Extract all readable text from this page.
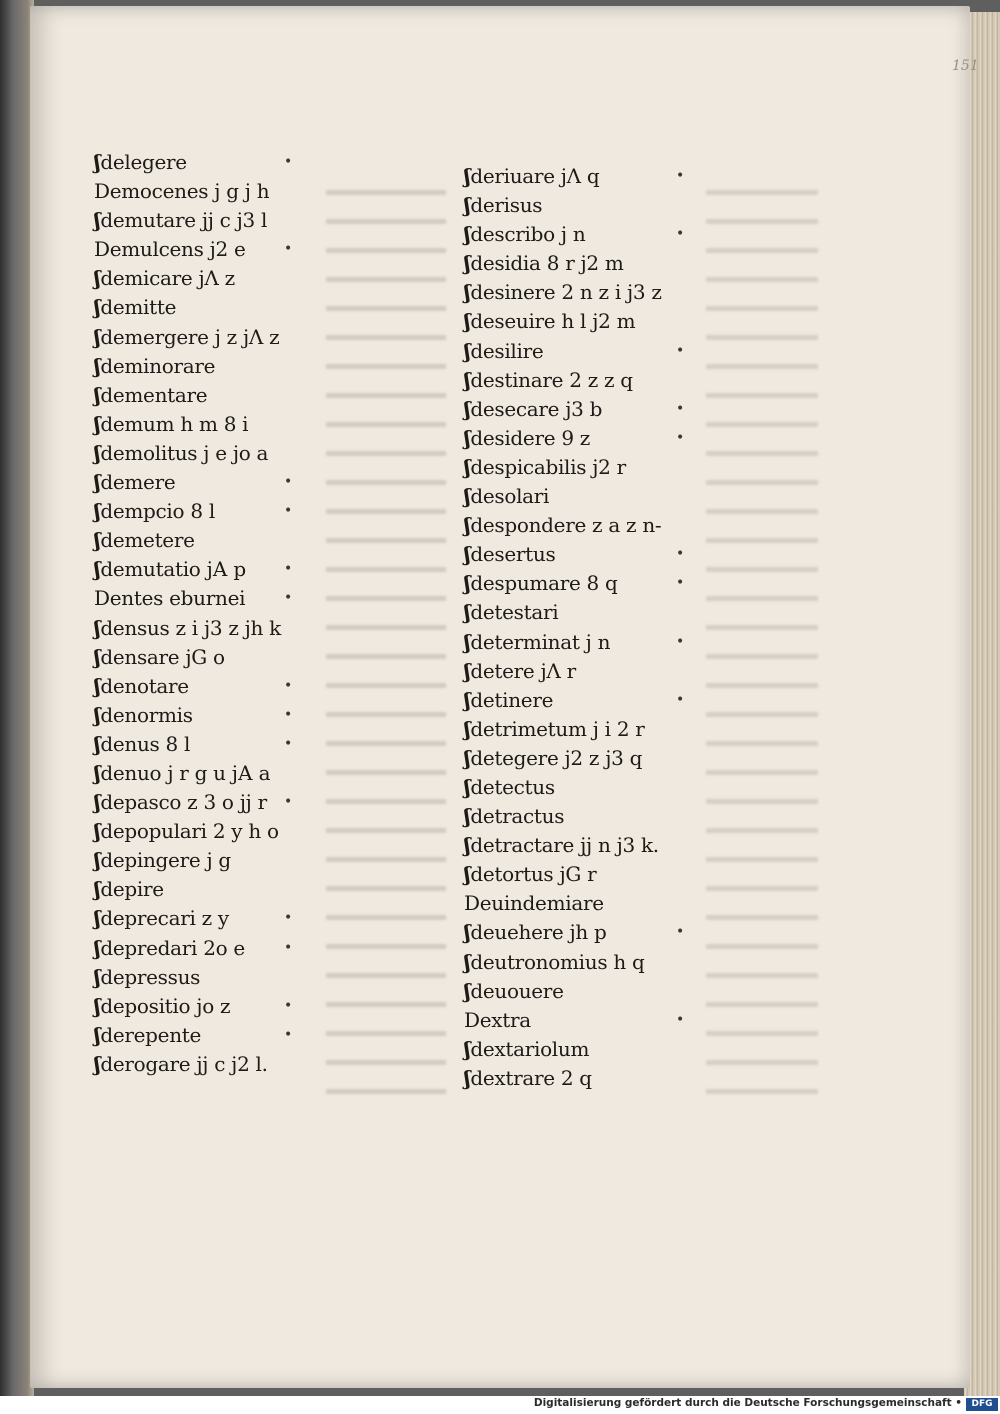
151
ʃdelegere	•
Democenes j g j h
ʃdemutare jj c j3 l
Demulcens j2 e	•
ʃdemicare jΛ z
ʃdemitte
ʃdemergere j z jΛ z
ʃdeminorare
ʃdementare
ʃdemum h m 8 i
ʃdemolitus j e jo a
ʃdemere	•
ʃdempcio 8 l	•
ʃdemetere
ʃdemutatio jА p	•
Dentes eburnei	•
ʃdensus z i j3 z jh k
ʃdensare jG o
ʃdenotare	•
ʃdenormis	•
ʃdenus 8 l	•
ʃdenuo j r g u jА a
ʃdepasco z 3 o jj r •
ʃdepopulari 2 y h o
ʃdepingere j g
ʃdepire
ʃdeprecari z y	•
ʃdepredari 2o e	•
ʃdepressus
ʃdepositio jo z	•
ʃderepente	•
ʃderogare jj c j2 l.
ʃderiuare jΛ q	•
ʃderisus
ʃdescribo j n	•
ʃdesidia 8 r j2 m
ʃdesinere 2 n z i j3 z
ʃdeseuire h l j2 m
ʃdesilire	•
ʃdestinare 2 z z q
ʃdesecare j3 b	•
ʃdesidere 9 z	•
ʃdespicabilis j2 r
ʃdesolari
ʃdespondere z a z n-
ʃdesertus	•
ʃdespumare 8 q	•
ʃdetestari
ʃdeterminat j n	•
ʃdetere jΛ r
ʃdetinere	•
ʃdetrimetum j i 2 r
ʃdetegere j2 z j3 q
ʃdetectus
ʃdetractus
ʃdetractare jj n j3 k.
ʃdetortus jG r
Deuindemiare
ʃdeuehere jh p	•
ʃdeutronomius h q
ʃdeuouere
Dextra	•
ʃdextariolum
ʃdextrare 2 q
Digitalisierung gefördert durch die Deutsche Forschungsgemeinschaft •	DFG
